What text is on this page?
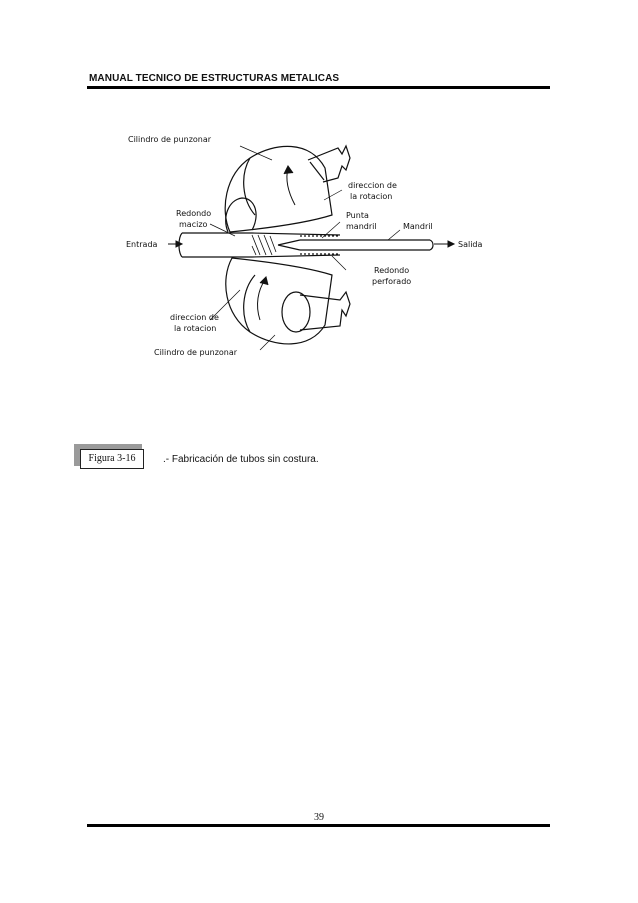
MANUAL TECNICO DE ESTRUCTURAS METALICAS
Cilindro de punzonar
direccion de
la rotacion
Redondo
macizo
Punta
mandril	Mandril
Entrada	Salida
Redondo
perforado
direccion de
la rotacion
Cilindro de punzonar
Figura 3-16	.- Fabricación de tubos sin costura.
39
